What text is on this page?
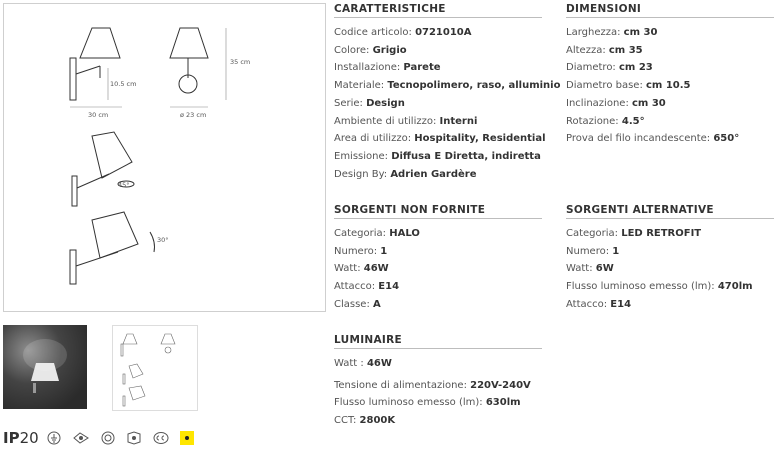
35 cm
10.5 cm
30 cm	ø 23 cm
45°
30°
CARATTERISTICHE
Codice articolo: 0721010A
Colore: Grigio
Installazione: Parete
Materiale: Tecnopolimero, raso, alluminio
Serie: Design
Ambiente di utilizzo: Interni
Area di utilizzo: Hospitality, Residential
Emissione: Diffusa E Diretta, indiretta
Design By: Adrien Gardère
DIMENSIONI
Larghezza: cm 30
Altezza: cm 35
Diametro: cm 23
Diametro base: cm 10.5
Inclinazione: cm 30
Rotazione: 4.5°
Prova del filo incandescente: 650°
SORGENTI NON FORNITE
Categoria: HALO
Numero: 1
Watt: 46W
Attacco: E14
Classe: A
SORGENTI ALTERNATIVE
Categoria: LED RETROFIT
Numero: 1
Watt: 6W
Flusso luminoso emesso (lm): 470lm
Attacco: E14
LUMINAIRE
Watt : 46W
Tensione di alimentazione: 220V-240V
Flusso luminoso emesso (lm): 630lm
CCT: 2800K
IP20
